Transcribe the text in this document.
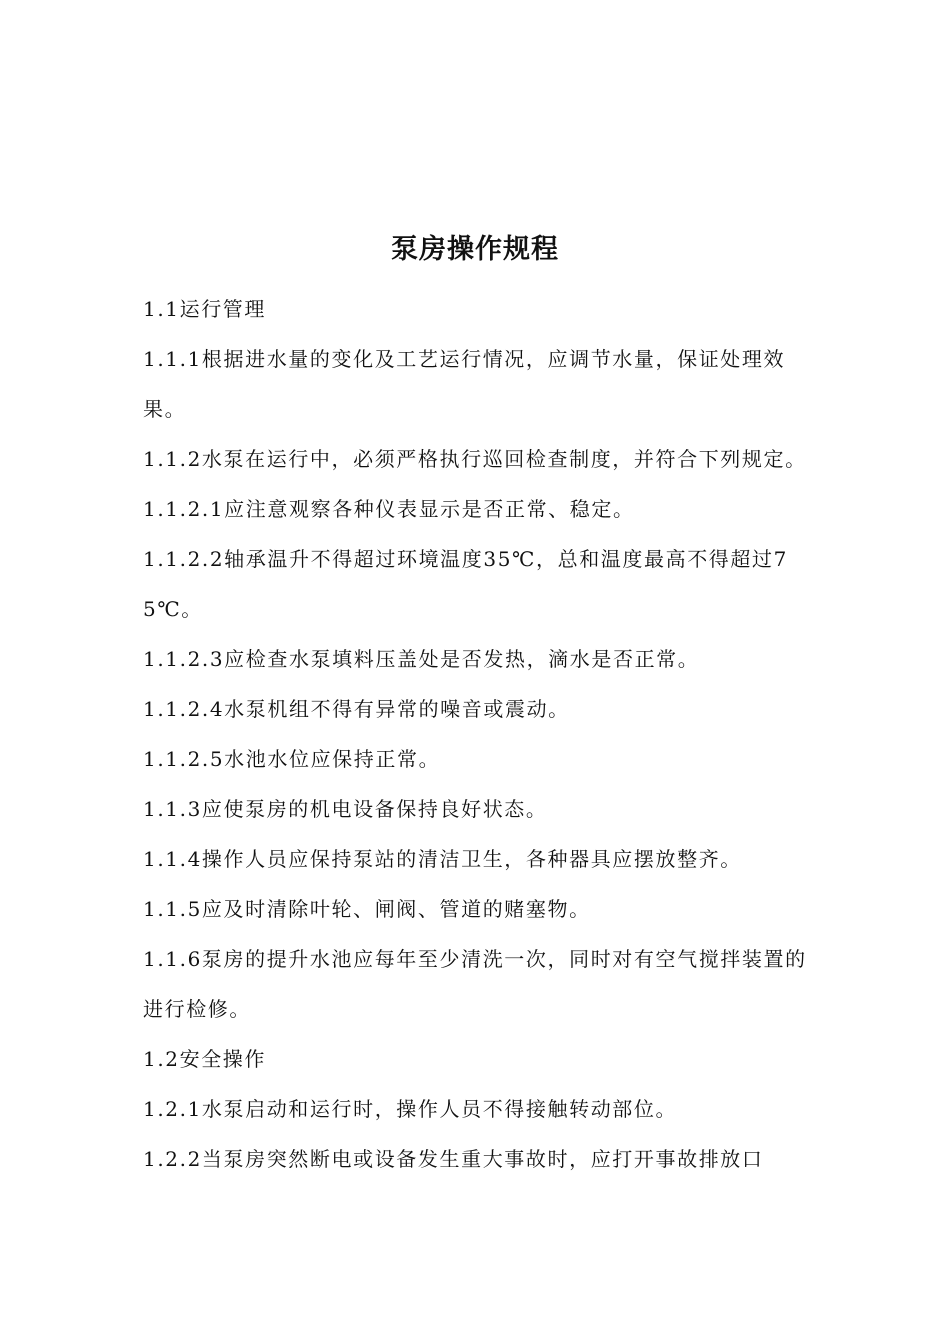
泵房操作规程

1.1运行管理

1.1.1根据进水量的变化及工艺运行情况，应调节水量，保证处理效果。

1.1.2水泵在运行中，必须严格执行巡回检查制度，并符合下列规定。

1.1.2.1应注意观察各种仪表显示是否正常、稳定。

1.1.2.2轴承温升不得超过环境温度35℃，总和温度最高不得超过75℃。

1.1.2.3应检查水泵填料压盖处是否发热，滴水是否正常。

1.1.2.4水泵机组不得有异常的噪音或震动。

1.1.2.5水池水位应保持正常。

1.1.3应使泵房的机电设备保持良好状态。

1.1.4操作人员应保持泵站的清洁卫生，各种器具应摆放整齐。

1.1.5应及时清除叶轮、闸阀、管道的赌塞物。

1.1.6泵房的提升水池应每年至少清洗一次，同时对有空气搅拌装置的进行检修。

1.2安全操作

1.2.1水泵启动和运行时，操作人员不得接触转动部位。

1.2.2当泵房突然断电或设备发生重大事故时，应打开事故排放口
